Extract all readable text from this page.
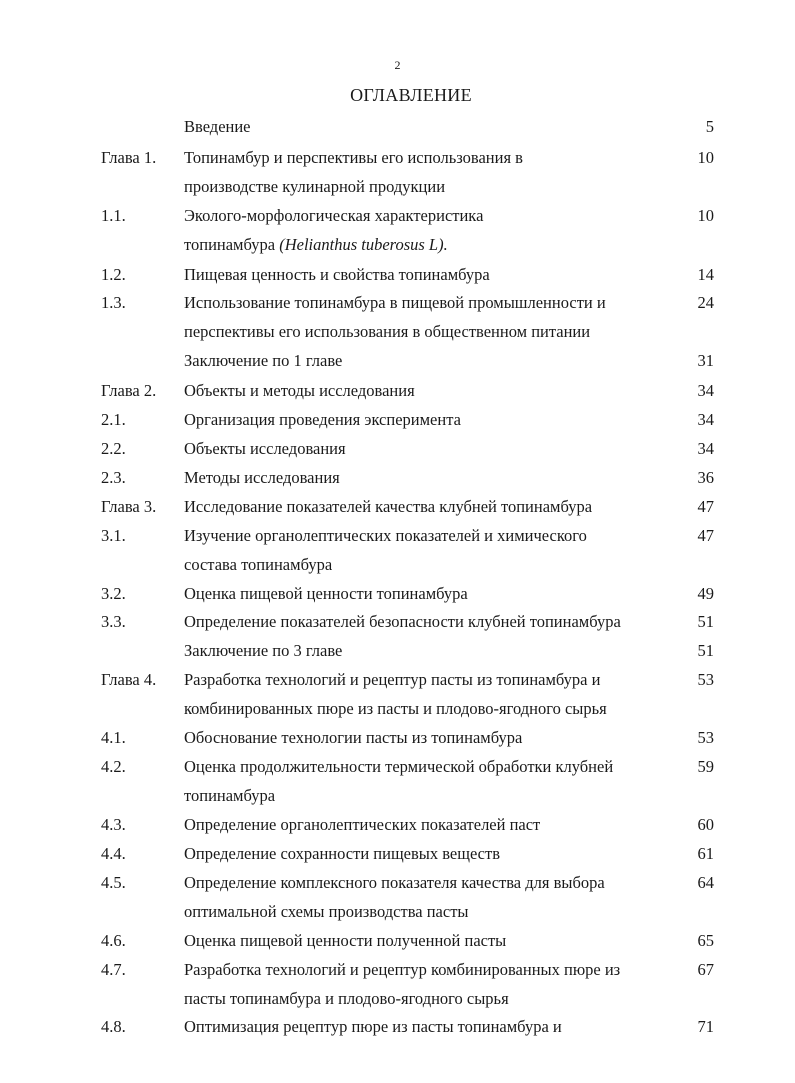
2
ОГЛАВЛЕНИЕ
Введение	5
Глава 1. Топинамбур и перспективы его использования в	10
производстве кулинарной продукции
1.1.	Эколого-морфологическая характеристика	10
топинамбура (Helianthus tuberosus L).
1.2.	Пищевая ценность и свойства топинамбура	14
1.3.	Использование топинамбура в пищевой промышленности и	24
перспективы его использования в общественном питании
Заключение по 1 главе	31
Глава 2. Объекты и методы исследования	34
2.1.	Организация проведения эксперимента	34
2.2.	Объекты исследования	34
2.3.	Методы исследования	36
Глава 3. Исследование показателей качества клубней топинамбура	47
3.1.	Изучение органолептических показателей и химического	47
состава топинамбура
3.2.	Оценка пищевой ценности топинамбура	49
3.3.	Определение показателей безопасности клубней топинамбура	51
Заключение по 3 главе	51
Глава 4. Разработка технологий и рецептур пасты из топинамбура и	53
комбинированных пюре из пасты и плодово-ягодного сырья
4.1.	Обоснование технологии пасты из топинамбура	53
4.2.	Оценка продолжительности термической обработки клубней	59
топинамбура
4.3.	Определение органолептических показателей паст	60
4.4.	Определение сохранности пищевых веществ	61
4.5.	Определение комплексного показателя качества для выбора	64
оптимальной схемы производства пасты
4.6.	Оценка пищевой ценности полученной пасты	65
4.7.	Разработка технологий и рецептур комбинированных пюре из	67
пасты топинамбура и плодово-ягодного сырья
4.8.	Оптимизация рецептур пюре из пасты топинамбура и	71
